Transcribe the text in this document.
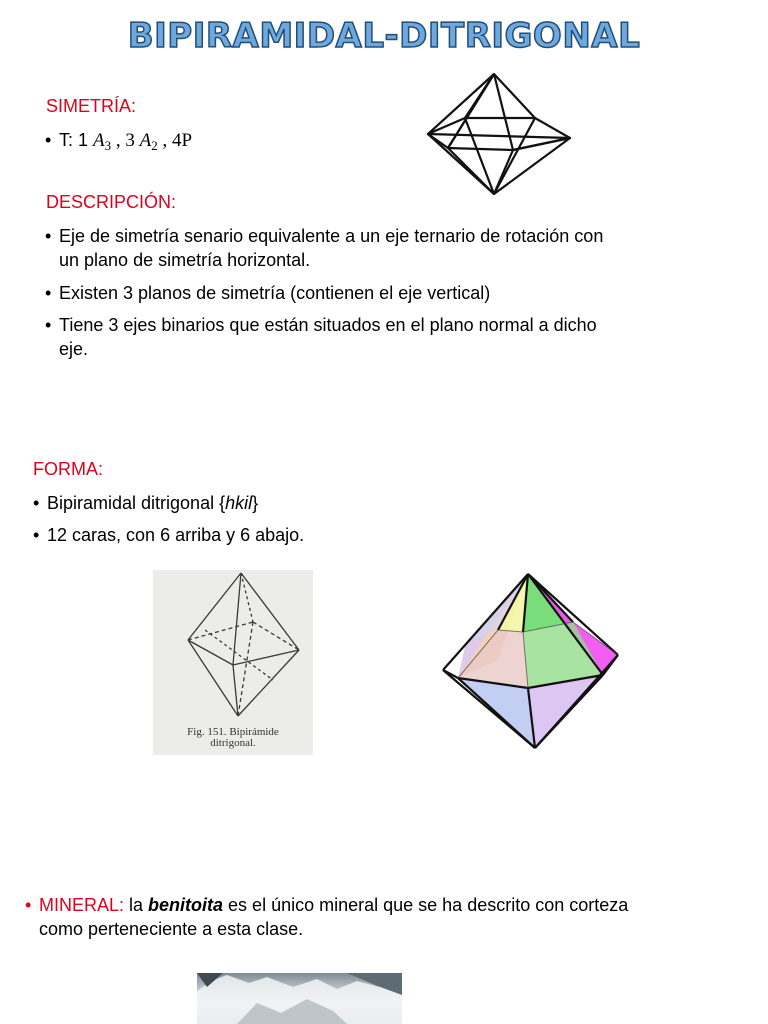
BIPIRAMIDAL-DITRIGONAL
SIMETRÍA:
• T: 1 $A_3$ , 3 $A_2$ , 4P
DESCRIPCIÓN:
• Eje de simetría senario equivalente a un eje ternario de rotación con
un plano de simetría horizontal.
• Existen 3 planos de simetría (contienen el eje vertical)
• Tiene 3 ejes binarios que están situados en el plano normal a dicho
eje.
FORMA:
• Bipiramidal ditrigonal {hkil}
• 12 caras, con 6 arriba y 6 abajo.
Fig. 151. Bipirámide
ditrigonal.
• MINERAL: la benitoita es el único mineral que se ha descrito con corteza
como perteneciente a esta clase.
